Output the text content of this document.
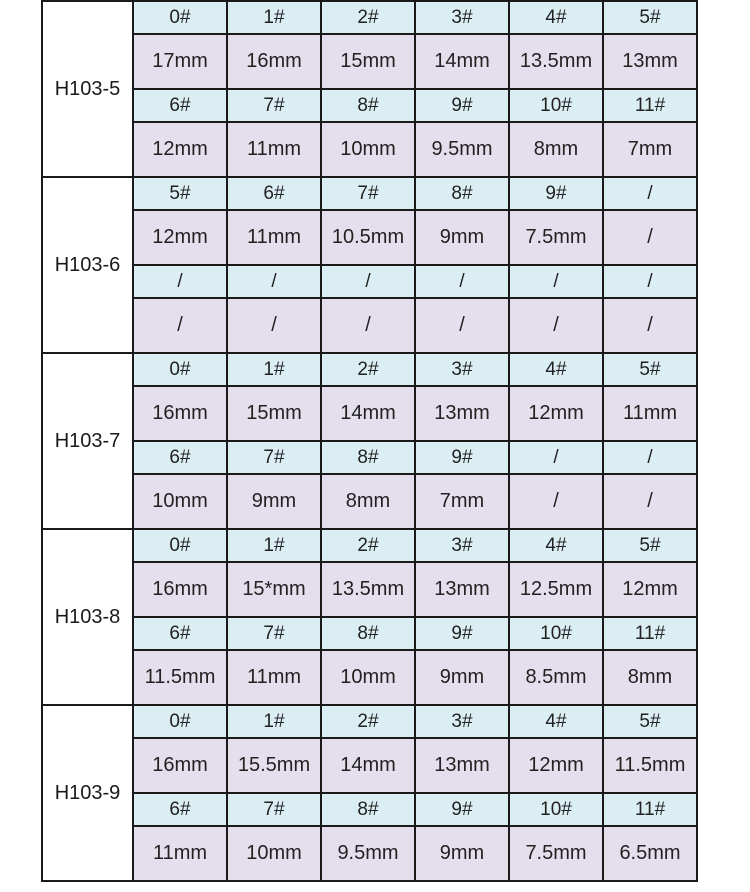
H103-5	0#	1#	2#	3#	4#	5#
	17mm	16mm	15mm	14mm	13.5mm	13mm
	6#	7#	8#	9#	10#	11#
	12mm	11mm	10mm	9.5mm	8mm	7mm
H103-6	5#	6#	7#	8#	9#	/
	12mm	11mm	10.5mm	9mm	7.5mm	/
	/	/	/	/	/	/
	/	/	/	/	/	/
H103-7	0#	1#	2#	3#	4#	5#
	16mm	15mm	14mm	13mm	12mm	11mm
	6#	7#	8#	9#	/	/
	10mm	9mm	8mm	7mm	/	/
H103-8	0#	1#	2#	3#	4#	5#
	16mm	15*mm	13.5mm	13mm	12.5mm	12mm
	6#	7#	8#	9#	10#	11#
	11.5mm	11mm	10mm	9mm	8.5mm	8mm
H103-9	0#	1#	2#	3#	4#	5#
	16mm	15.5mm	14mm	13mm	12mm	11.5mm
	6#	7#	8#	9#	10#	11#
	11mm	10mm	9.5mm	9mm	7.5mm	6.5mm
